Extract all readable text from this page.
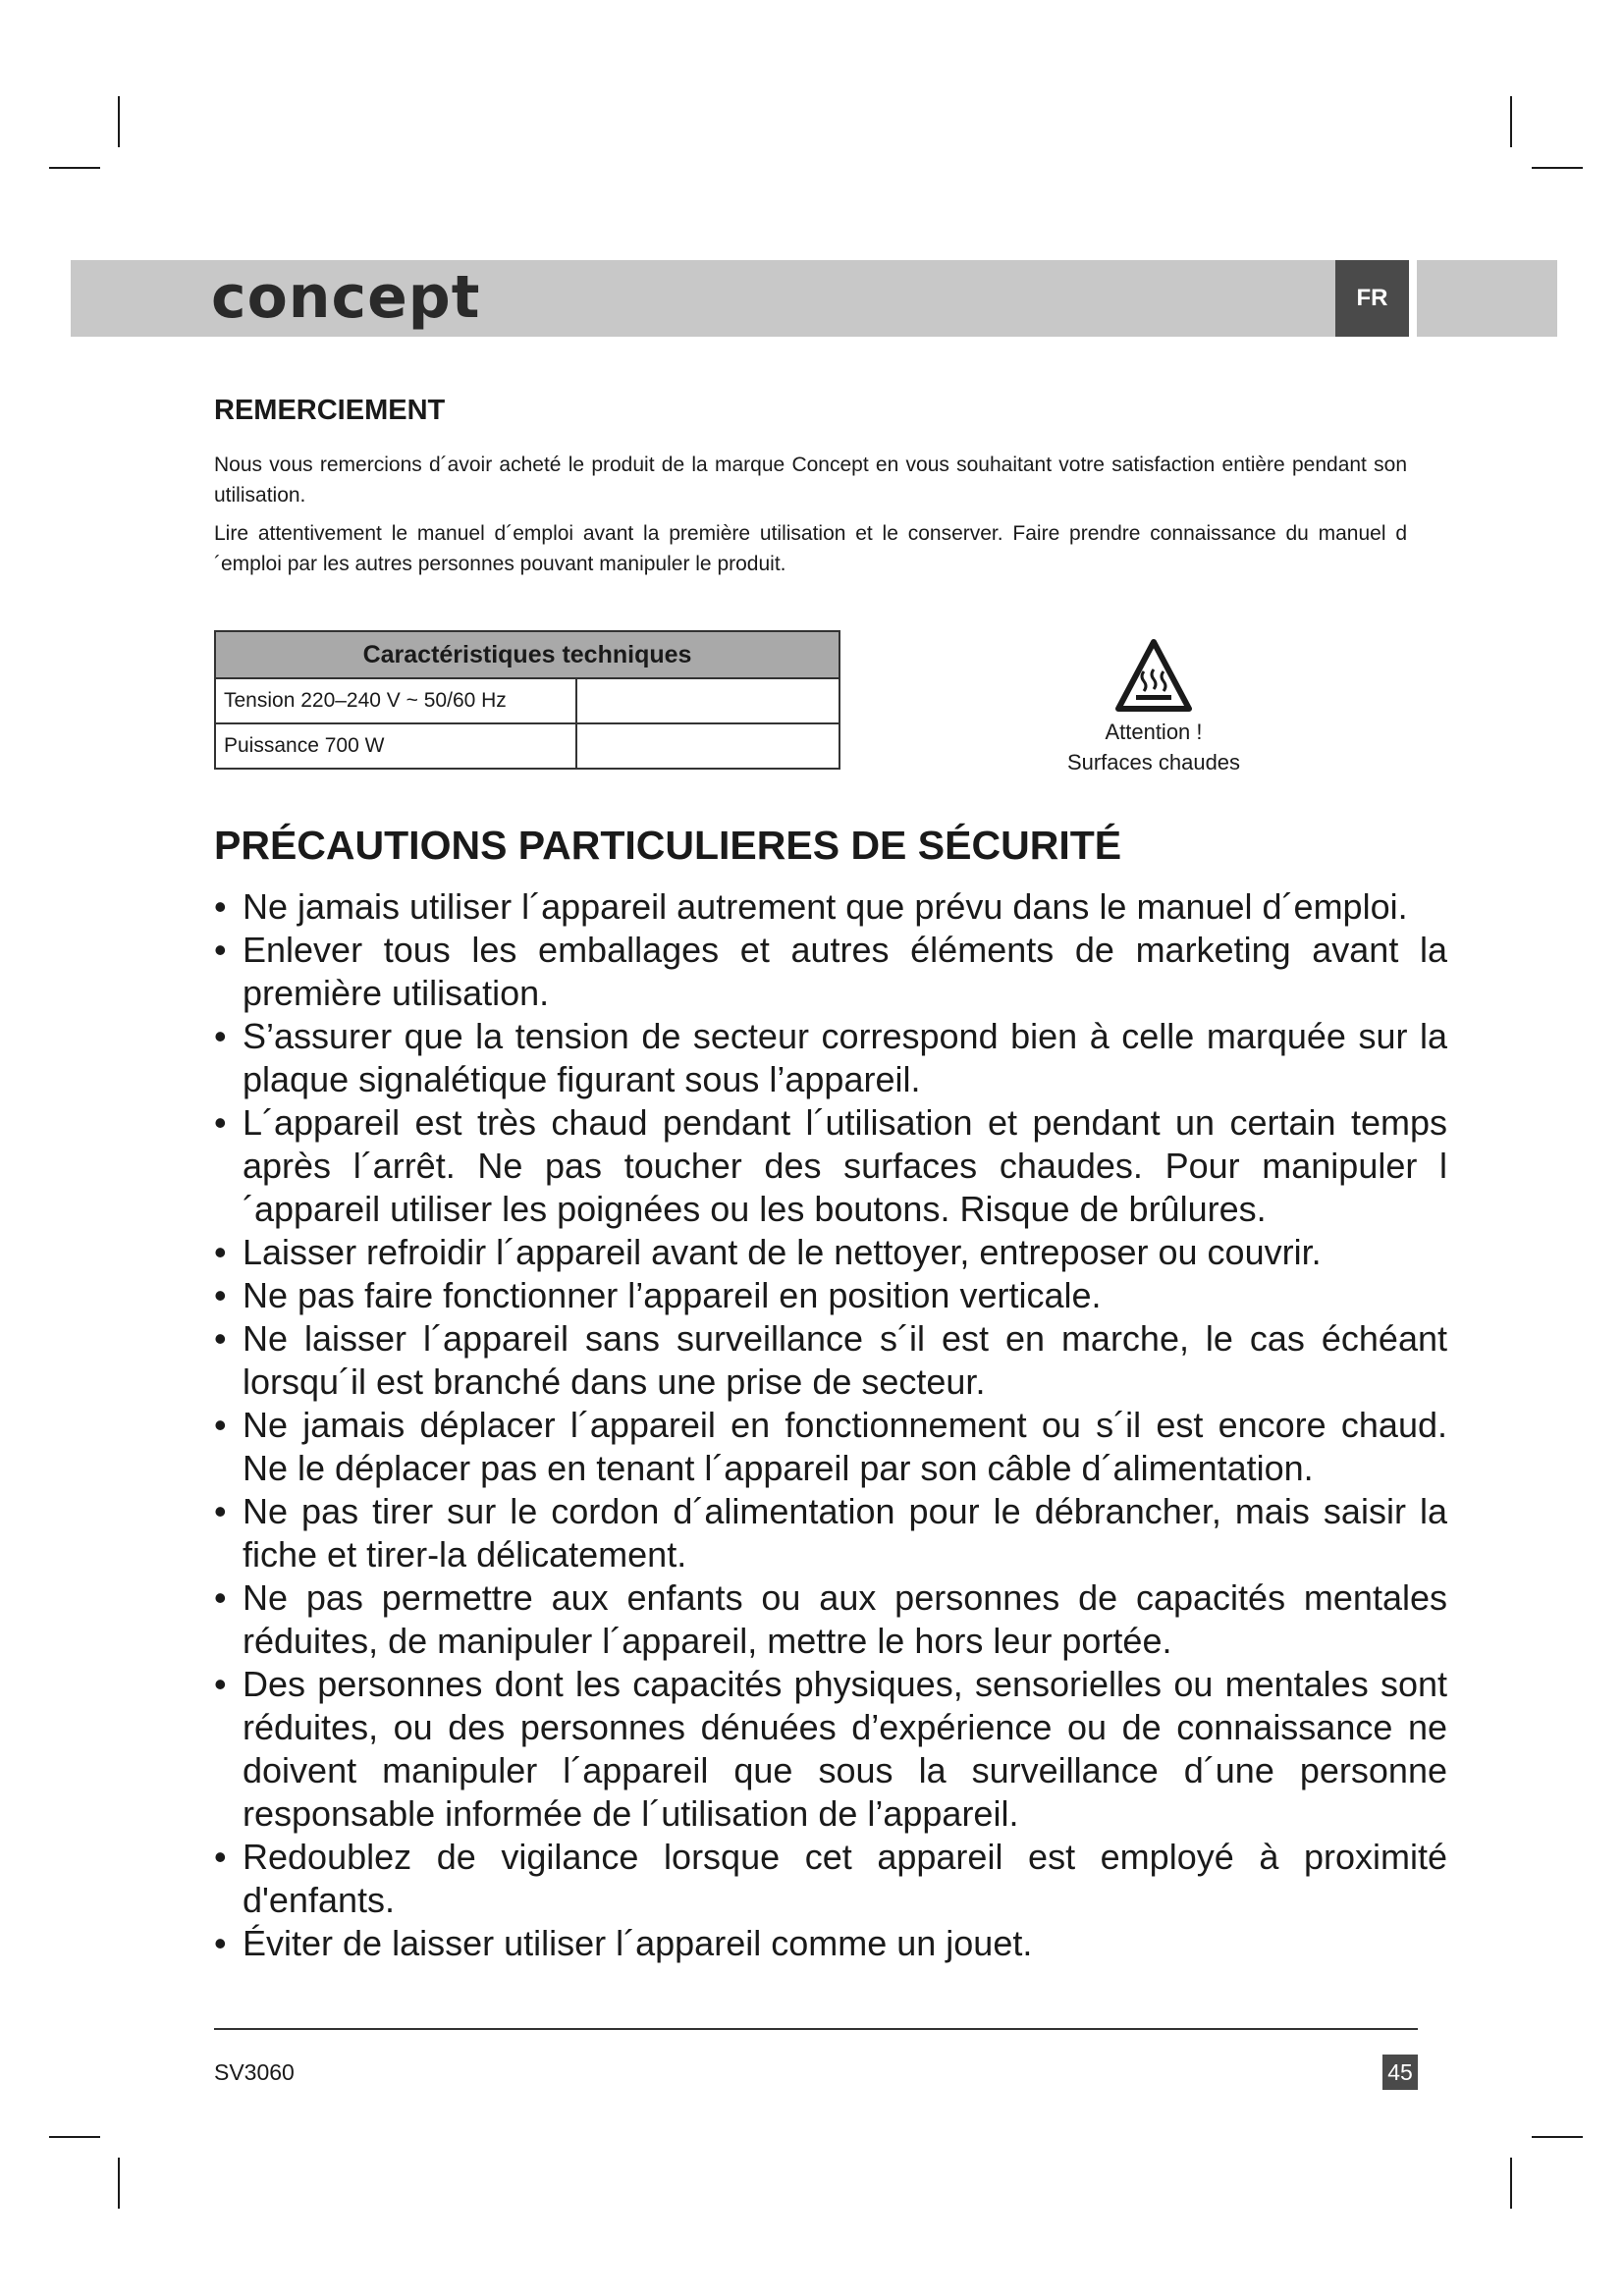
concept	FR
REMERCIEMENT

Nous vous remercions d´avoir acheté le produit de la marque Concept en vous souhaitant votre satisfaction entière pendant son utilisation.

Lire attentivement le manuel d´emploi avant la première utilisation et le conserver. Faire prendre connaissance du manuel d´emploi par les autres personnes pouvant manipuler le produit.

Caractéristiques techniques	
Tension 220–240 V ~ 50/60 Hz	
Puissance 700 W	
Attention !
Surfaces chaudes
PRÉCAUTIONS PARTICULIERES DE SÉCURITÉ
• Ne jamais utiliser l´appareil autrement que prévu dans le manuel d´emploi.
• Enlever tous les emballages et autres éléments de marketing avant la première utilisation.
• S’assurer que la tension de secteur correspond bien à celle marquée sur la plaque signalétique figurant sous l’appareil.
• L´appareil est très chaud pendant l´utilisation et pendant un certain temps après l´arrêt. Ne pas toucher des surfaces chaudes. Pour manipuler l´appareil utiliser les poignées ou les boutons. Risque de brûlures.
• Laisser refroidir l´appareil avant de le nettoyer, entreposer ou couvrir.
• Ne pas faire fonctionner l’appareil en position verticale.
• Ne laisser l´appareil sans surveillance s´il est en marche, le cas échéant lorsqu´il est branché dans une prise de secteur.
• Ne jamais déplacer l´appareil en fonctionnement ou s´il est encore chaud. Ne le déplacer pas en tenant l´appareil par son câble d´alimentation.
• Ne pas tirer sur le cordon d´alimentation pour le débrancher, mais saisir la fiche et tirer-la délicatement.
• Ne pas permettre aux enfants ou aux personnes de capacités mentales réduites, de manipuler l´appareil, mettre le hors leur portée.
• Des personnes dont les capacités physiques, sensorielles ou mentales sont réduites, ou des personnes dénuées d’expérience ou de connaissance ne doivent manipuler l´appareil que sous la surveillance d´une personne responsable informée de l´utilisation de l’appareil.
• Redoublez de vigilance lorsque cet appareil est employé à proximité d'enfants.
• Éviter de laisser utiliser l´appareil comme un jouet.
SV3060	45
